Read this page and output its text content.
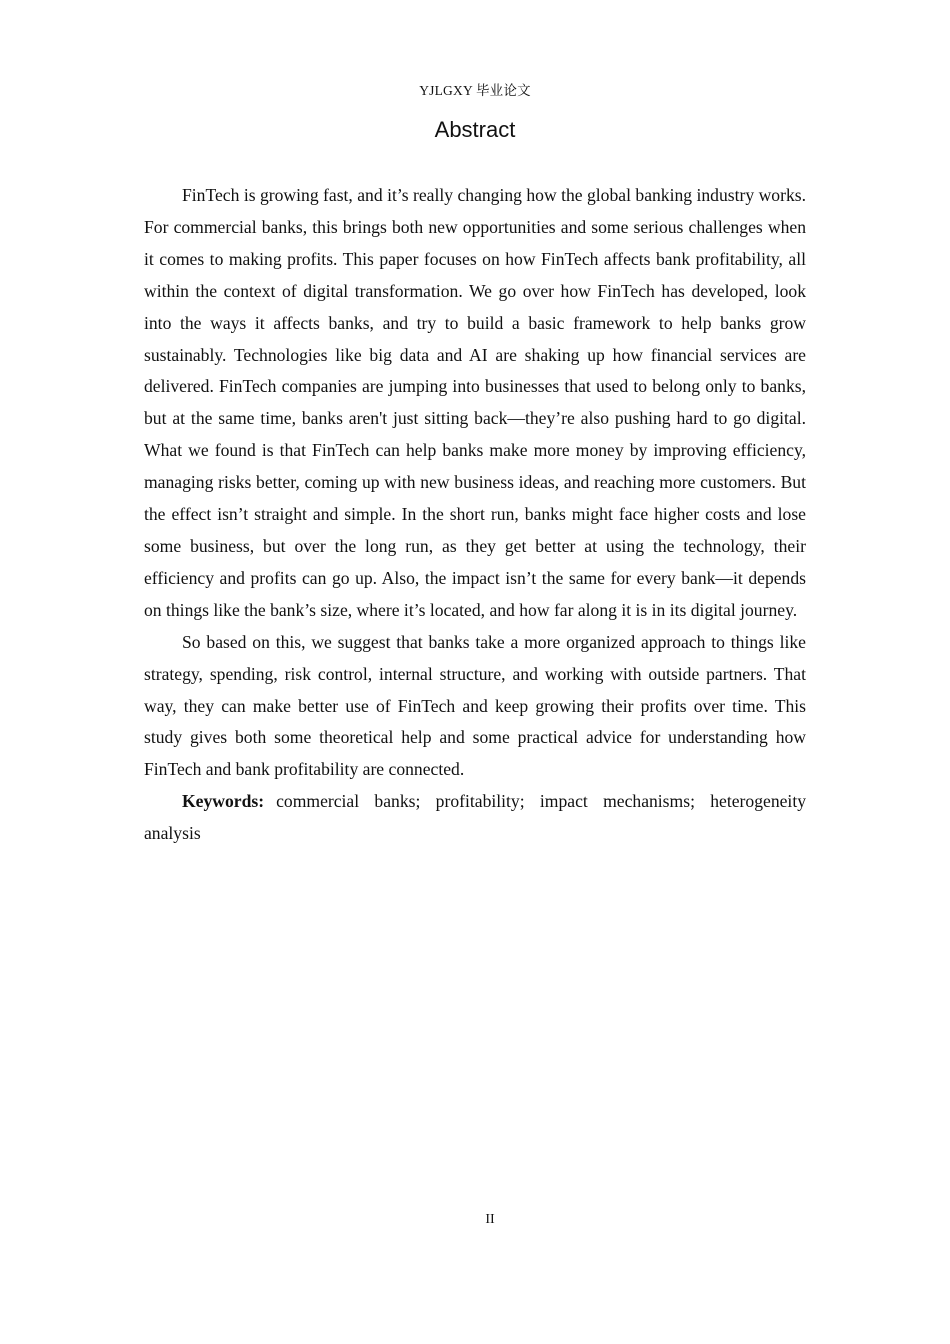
YJLGXY 毕业论文
Abstract

FinTech is growing fast, and it’s really changing how the global banking industry works. For commercial banks, this brings both new opportunities and some serious challenges when it comes to making profits. This paper focuses on how FinTech affects bank profitability, all within the context of digital transformation. We go over how FinTech has developed, look into the ways it affects banks, and try to build a basic framework to help banks grow sustainably. Technologies like big data and AI are shaking up how financial services are delivered. FinTech companies are jumping into businesses that used to belong only to banks, but at the same time, banks aren't just sitting back—they’re also pushing hard to go digital. What we found is that FinTech can help banks make more money by improving efficiency, managing risks better, coming up with new business ideas, and reaching more customers. But the effect isn’t straight and simple. In the short run, banks might face higher costs and lose some business, but over the long run, as they get better at using the technology, their efficiency and profits can go up. Also, the impact isn’t the same for every bank—it depends on things like the bank’s size, where it’s located, and how far along it is in its digital journey.

So based on this, we suggest that banks take a more organized approach to things like strategy, spending, risk control, internal structure, and working with outside partners. That way, they can make better use of FinTech and keep growing their profits over time. This study gives both some theoretical help and some practical advice for understanding how FinTech and bank profitability are connected.

Keywords: commercial banks; profitability; impact mechanisms; heterogeneity analysis

II
